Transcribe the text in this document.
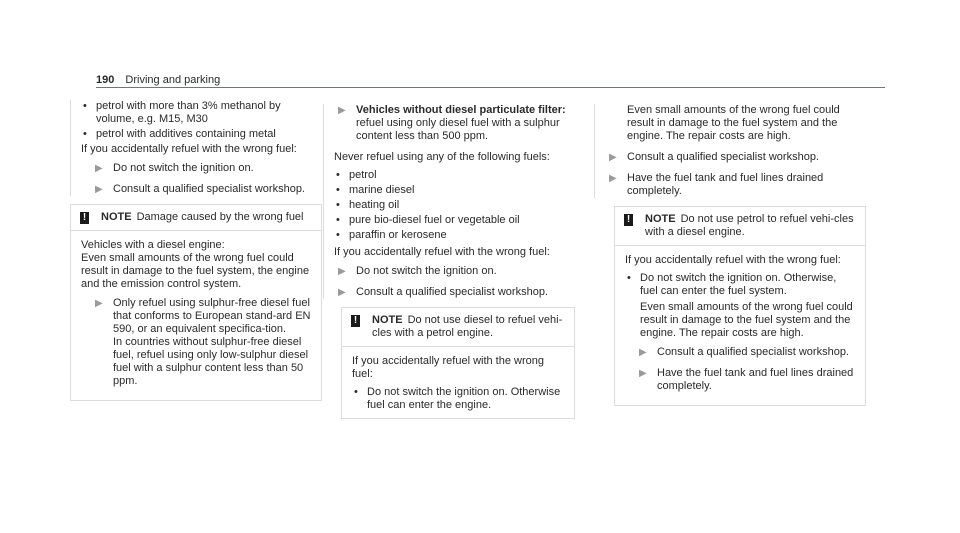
190 Driving and parking
• petrol with more than 3% methanol by volume, e.g. M15, M30
• petrol with additives containing metal
If you accidentally refuel with the wrong fuel:
▶ Do not switch the ignition on.
▶ Consult a qualified specialist workshop.
! NOTE Damage caused by the wrong fuel
Vehicles with a diesel engine:
Even small amounts of the wrong fuel could result in damage to the fuel system, the engine and the emission control system.
▶ Only refuel using sulphur-free diesel fuel that conforms to European stand-ard EN 590, or an equivalent specifica-tion.
In countries without sulphur-free diesel fuel, refuel using only low-sulphur diesel fuel with a sulphur content less than 50 ppm.
▶ Vehicles without diesel particulate filter: refuel using only diesel fuel with a sulphur content less than 500 ppm.
Never refuel using any of the following fuels:
• petrol
• marine diesel
• heating oil
• pure bio-diesel fuel or vegetable oil
• paraffin or kerosene
If you accidentally refuel with the wrong fuel:
▶ Do not switch the ignition on.
▶ Consult a qualified specialist workshop.
! NOTE Do not use diesel to refuel vehi-cles with a petrol engine.
If you accidentally refuel with the wrong fuel:
• Do not switch the ignition on. Otherwise fuel can enter the engine.
Even small amounts of the wrong fuel could result in damage to the fuel system and the engine. The repair costs are high.
▶ Consult a qualified specialist workshop.
▶ Have the fuel tank and fuel lines drained completely.
! NOTE Do not use petrol to refuel vehi-cles with a diesel engine.
If you accidentally refuel with the wrong fuel:
• Do not switch the ignition on. Otherwise, fuel can enter the fuel system.
Even small amounts of the wrong fuel could result in damage to the fuel system and the engine. The repair costs are high.
▶ Consult a qualified specialist workshop.
▶ Have the fuel tank and fuel lines drained completely.
